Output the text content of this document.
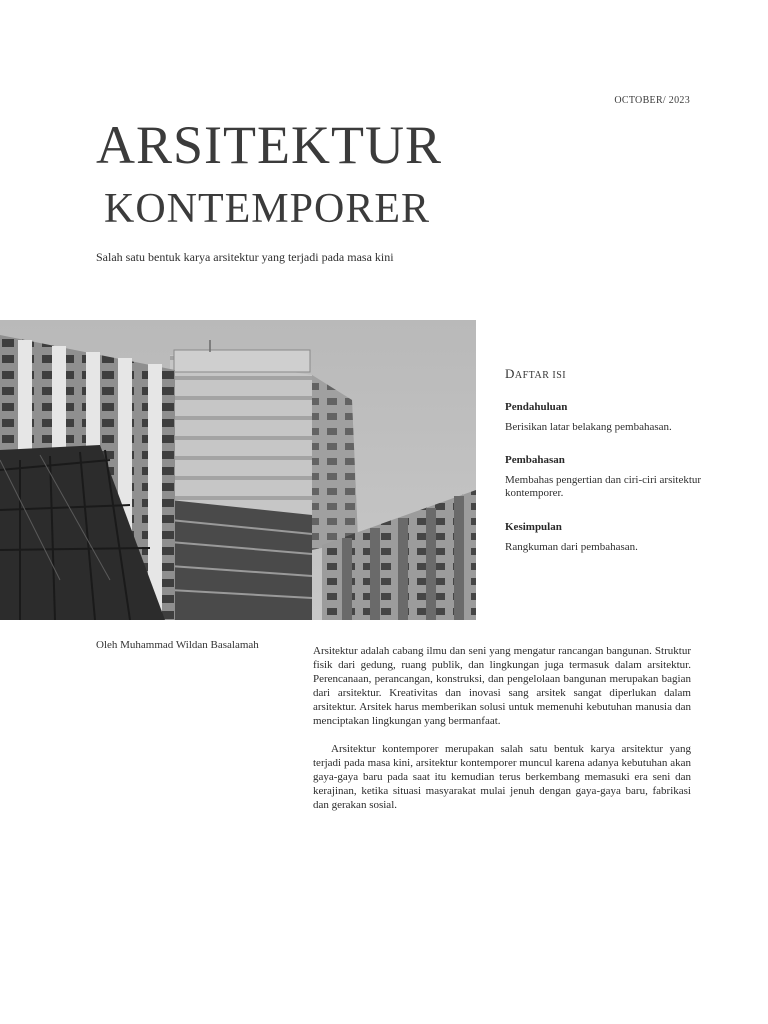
OCTOBER/ 2023
ARSITEKTUR
KONTEMPORER
Salah satu bentuk karya arsitektur yang terjadi pada masa kini
DAFTAR ISI
Pendahuluan
Berisikan latar belakang pembahasan.
Pembahasan
Membahas pengertian dan ciri-ciri arsitektur kontemporer.
Kesimpulan
Rangkuman dari pembahasan.
Oleh Muhammad Wildan Basalamah	Arsitektur adalah cabang ilmu dan seni yang mengatur rancangan bangunan. Struktur fisik dari gedung, ruang publik, dan lingkungan juga termasuk dalam arsitektur. Perencanaan, perancangan, konstruksi, dan pengelolaan bangunan merupakan bagian dari arsitektur. Kreativitas dan inovasi sang arsitek sangat diperlukan dalam arsitektur. Arsitek harus memberikan solusi untuk memenuhi kebutuhan manusia dan menciptakan lingkungan yang bermanfaat.

Arsitektur kontemporer merupakan salah satu bentuk karya arsitektur yang terjadi pada masa kini, arsitektur kontemporer muncul karena adanya kebutuhan akan gaya-gaya baru pada saat itu kemudian terus berkembang memasuki era seni dan kerajinan, ketika situasi masyarakat mulai jenuh dengan gaya-gaya baru, fabrikasi dan gerakan sosial.
